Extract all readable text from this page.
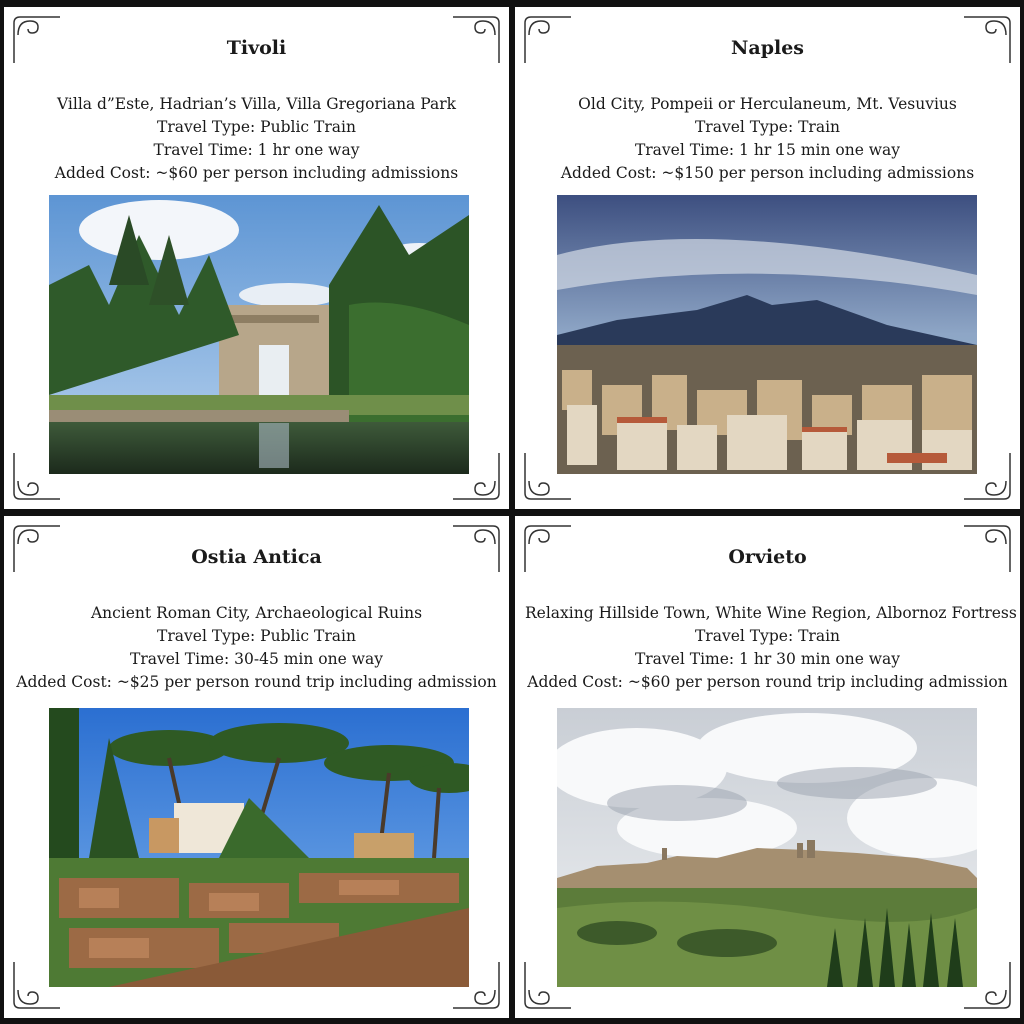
Tivoli
Villa d”Este, Hadrian’s Villa, Villa Gregoriana Park
Travel Type: Public Train
Travel Time: 1 hr one way
Added Cost: ~$60 per person including admissions
Naples
Old City, Pompeii or Herculaneum, Mt. Vesuvius
Travel Type: Train
Travel Time: 1 hr 15 min one way
Added Cost: ~$150 per person including admissions
Ostia Antica
Ancient Roman City, Archaeological Ruins
Travel Type: Public Train
Travel Time: 30-45 min one way
Added Cost: ~$25 per person round trip including admission
Orvieto
Relaxing Hillside Town, White Wine Region, Albornoz Fortress
Travel Type: Train
Travel Time: 1 hr 30 min one way
Added Cost: ~$60 per person round trip including admission
